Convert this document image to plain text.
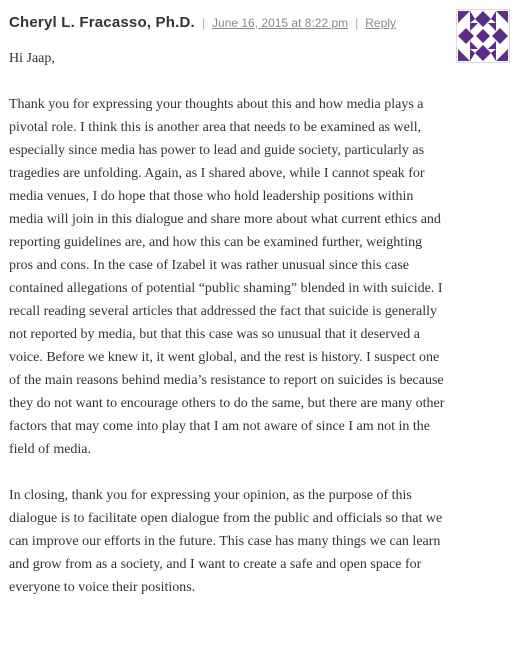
Cheryl L. Fracasso, Ph.D. | June 16, 2015 at 8:22 pm | Reply

Hi Jaap,

Thank you for expressing your thoughts about this and how media plays a pivotal role. I think this is another area that needs to be examined as well, especially since media has power to lead and guide society, particularly as tragedies are unfolding. Again, as I shared above, while I cannot speak for media venues, I do hope that those who hold leadership positions within media will join in this dialogue and share more about what current ethics and reporting guidelines are, and how this can be examined further, weighting pros and cons. In the case of Izabel it was rather unusual since this case contained allegations of potential “public shaming” blended in with suicide. I recall reading several articles that addressed the fact that suicide is generally not reported by media, but that this case was so unusual that it deserved a voice. Before we knew it, it went global, and the rest is history. I suspect one of the main reasons behind media’s resistance to report on suicides is because they do not want to encourage others to do the same, but there are many other factors that may come into play that I am not aware of since I am not in the field of media.

In closing, thank you for expressing your opinion, as the purpose of this dialogue is to facilitate open dialogue from the public and officials so that we can improve our efforts in the future. This case has many things we can learn and grow from as a society, and I want to create a safe and open space for everyone to voice their positions.
